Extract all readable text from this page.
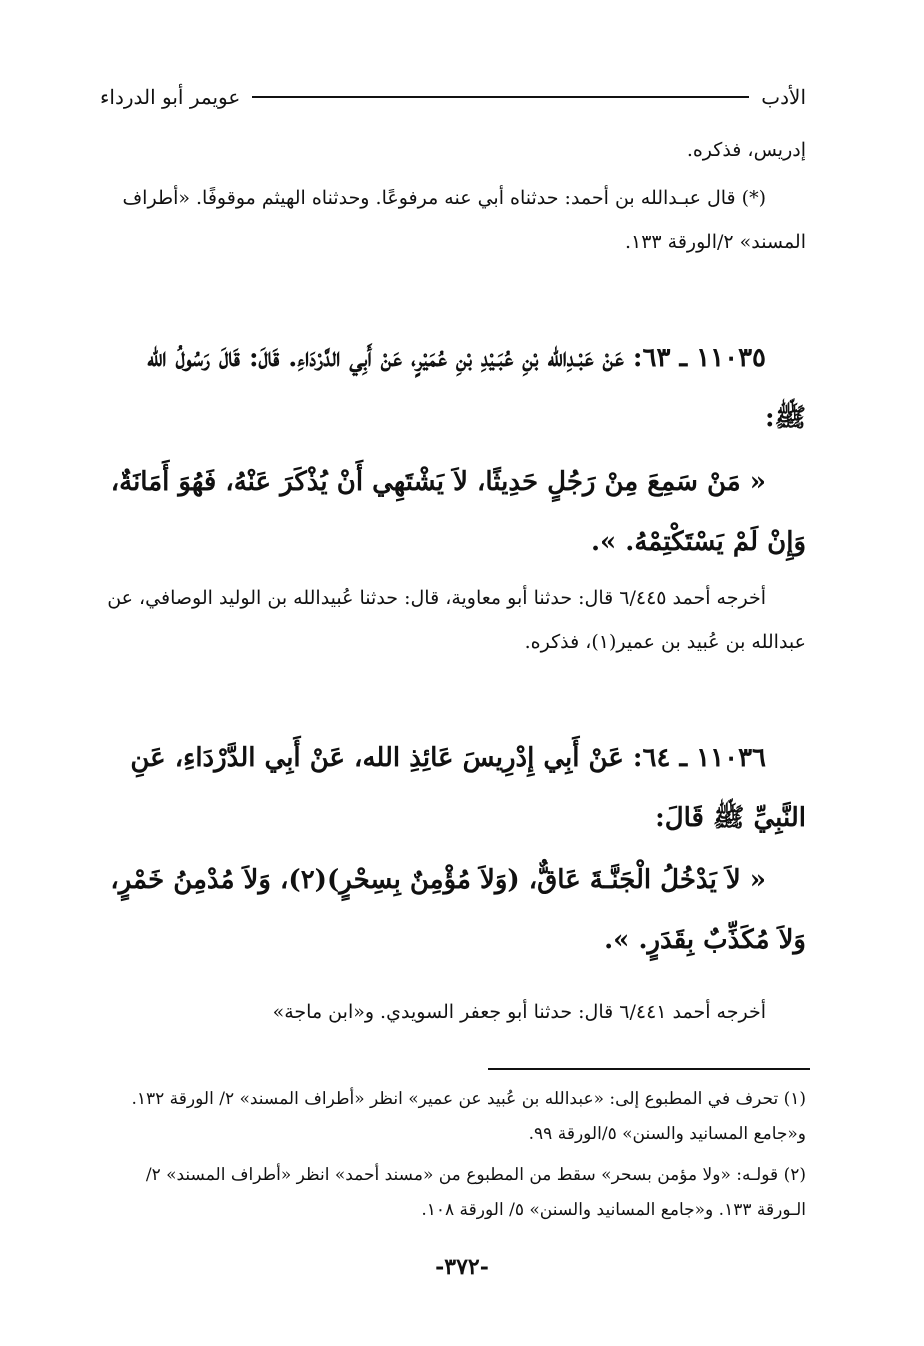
الأدب
عويمر أبو الدرداء
إدريس، فذكره.
(*) قال عبـدالله بن أحمد: حدثناه أبي عنه مرفوعًا. وحدثناه الهيثم موقوفًا. «أطراف المسند» ٢/الورقة ١٣٣.
١١٠٣٥ ـ ٦٣: عَنْ عَبْـدِالله بْنِ عُبَـيْدِ بْنِ عُمَيْرٍ، عَنْ أَبِي الدَّرْدَاءِ. قَالَ: قَالَ رَسُولُ الله ﷺ:
« مَنْ سَمِعَ مِنْ رَجُلٍ حَدِيثًا، لاَ يَشْتَهِي أَنْ يُذْكَرَ عَنْهُ، فَهُوَ أَمَانَةٌ، وَإِنْ لَمْ يَسْتَكْتِمْهُ. ».
أخرجه أحمد ٦/٤٤٥ قال: حدثنا أبو معاوية، قال: حدثنا عُبيدالله بن الوليد الوصافي، عن عبدالله بن عُبيد بن عمير(١)، فذكره.
١١٠٣٦ ـ ٦٤: عَنْ أَبِي إِدْرِيسَ عَائِذِ الله، عَنْ أَبِي الدَّرْدَاءِ، عَنِ النَّبِيِّ ﷺ قَالَ:
« لاَ يَدْخُلُ الْجَنَّـةَ عَاقٌّ، (وَلاَ مُؤْمِنٌ بِسِحْرٍ)(٢)، وَلاَ مُدْمِنُ خَمْرٍ، وَلاَ مُكَذِّبٌ بِقَدَرٍ. ».
أخرجه أحمد ٦/٤٤١ قال: حدثنا أبو جعفر السويدي. و«ابن ماجة»
(١) تحرف في المطبوع إلى: «عبدالله بن عُبيد عن عمير» انظر «أطراف المسند» ٢/ الورقة ١٣٢. و«جامع المسانيد والسنن» ٥/الورقة ٩٩.
(٢) قولـه: «ولا مؤمن بسحر» سقط من المطبوع من «مسند أحمد» انظر «أطراف المسند» ٢/الـورقة ١٣٣. و«جامع المسانيد والسنن» ٥/ الورقة ١٠٨.
-٣٧٢-
